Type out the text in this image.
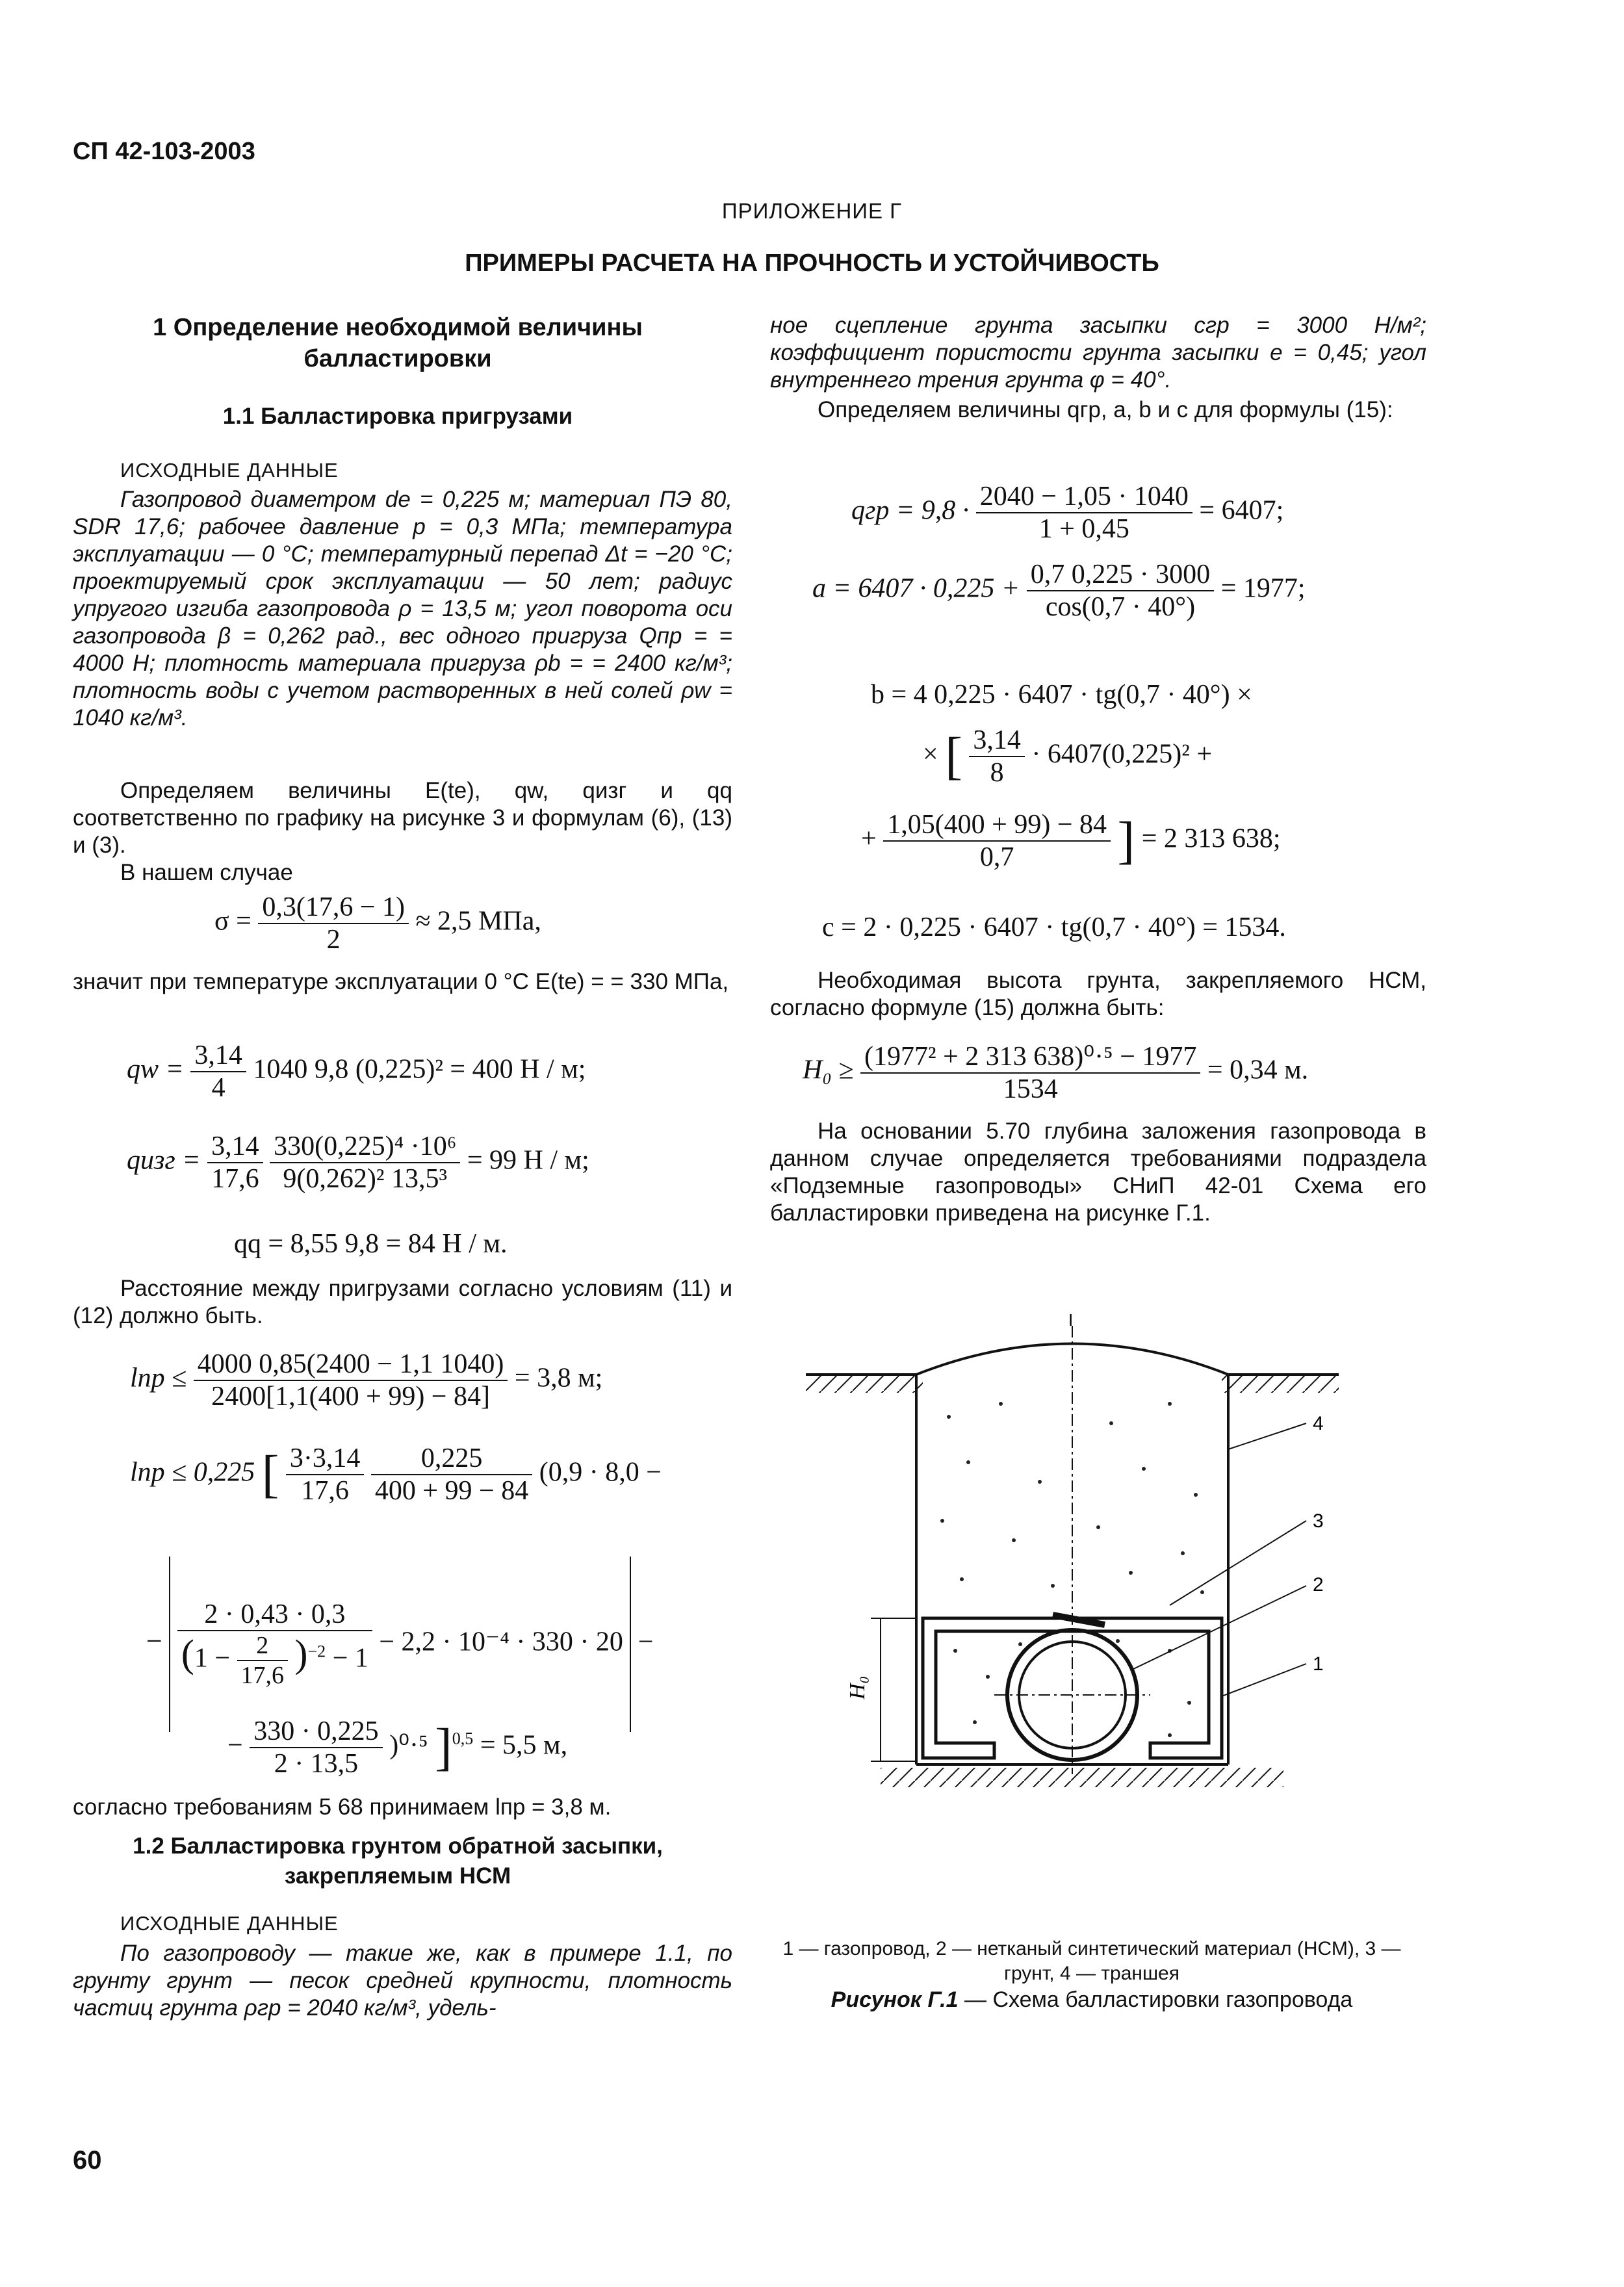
СП 42-103-2003
ПРИЛОЖЕНИЕ Г
ПРИМЕРЫ РАСЧЕТА НА ПРОЧНОСТЬ И УСТОЙЧИВОСТЬ
1 Определение необходимой величины балластировки
1.1 Балластировка пригрузами
ИСХОДНЫЕ ДАННЫЕ
Газопровод диаметром de = 0,225 м; материал ПЭ 80, SDR 17,6; рабочее давление p = 0,3 МПа; температура эксплуатации — 0 °С; температурный перепад Δt = −20 °С; проектируемый срок эксплуатации — 50 лет; радиус упругого изгиба газопровода ρ = 13,5 м; угол поворота оси газопровода β = 0,262 рад., вес одного пригруза Qпр = = 4000 Н; плотность материала пригруза ρb = = 2400 кг/м³; плотность воды с учетом растворенных в ней солей ρw = 1040 кг/м³.
Определяем величины E(te), qw, qизг и qq соответственно по графику на рисунке 3 и формулам (6), (13) и (3).
В нашем случае
$\sigma = \frac{0,3(17,6 - 1)}{2} \approx 2,5$ МПа,
значит при температуре эксплуатации 0 °С E(te) = = 330 МПа,
qw = $\frac{3,14}{4} 1040$ 9,8 (0,225)² = 400 Н / м;
qизг = $\frac{3,14}{17,6}$
$\frac{\text{330(0,225)⁴ ·10⁶}}{\text{9(0,262)² 13,5³}} = 99$ Н / м;
qq = 8,55 9,8 = 84 Н / м.
Расстояние между пригрузами согласно условиям (11) и (12) должно быть.
lпр ≤ $\frac{4000 0,85(2400 - 1,1 1040)}{2400[1,1(400 + 99) - 84]} = 3,8$ м;
lпр ≤ 0,225 [ $\frac{3\cdot 3,14}{17,6}$
$\frac{0,225}{400 + 99 - 84} (0,9 \cdot 8,0$ −
− $\frac{2 \cdot 0,43 \cdot 0,3}{(1 - \frac{2}{17,6} )^{-2} - 1} - 2,2 \cdot 10^{-4} \cdot 330 \cdot 20$ −
− $\frac{330 \cdot 0,225}{2 \cdot 13,5} )^0\cdot^5$ ]$^{0,5}$ = 5,5 м,
согласно требованиям 5 68 принимаем lпр = 3,8 м.
1.2 Балластировка грунтом обратной засыпки, закрепляемым НСМ
ИСХОДНЫЕ ДАННЫЕ
По газопроводу — такие же, как в примере 1.1, по грунту грунт — песок средней крупности, плотность частиц грунта ρгр = 2040 кг/м³, удель-
ное сцепление грунта засыпки cгр = 3000 Н/м²; коэффициент пористости грунта засыпки e = 0,45; угол внутреннего трения грунта φ = 40°.
Определяем величины qгр, a, b и c для формулы (15):
qгр = $9,8 \cdot \frac{2040 - 1,05 \cdot 1040}{1 + 0,45} = 6407$;
$a = 6407 \cdot 0,225 + \frac{0,7 0,225 \cdot 3000}{\cos(0,7 \cdot 40^\circ)} = 1977$;
b = 4 0,225 · 6407 · tg(0,7 · 40°) ×
× [ $\frac{3,14}{8} \cdot 6407(0,225)^2$ +
+ $\frac{1,05(400 + 99) - 84}{0,7}$ ] = 2 313 638;
c = 2 · 0,225 · 6407 · tg(0,7 · 40°) = 1534.
Необходимая высота грунта, закрепляемого НСМ, согласно формуле (15) должна быть:
$H_0 \ge \frac{\text{(1977² + 2 313 638)⁰·⁵ − 1977}}{1534} = 0,34$ м.
На основании 5.70 глубина заложения газопровода в данном случае определяется требованиями подраздела «Подземные газопроводы» СНиП 42-01 Схема его балластировки приведена на рисунке Г.1.
H₀
I
4
3
2
1
1 — газопровод, 2 — нетканый синтетический материал (НСМ), 3 — грунт, 4 — траншея
Рисунок Г.1 — Схема балластировки газопровода
60
